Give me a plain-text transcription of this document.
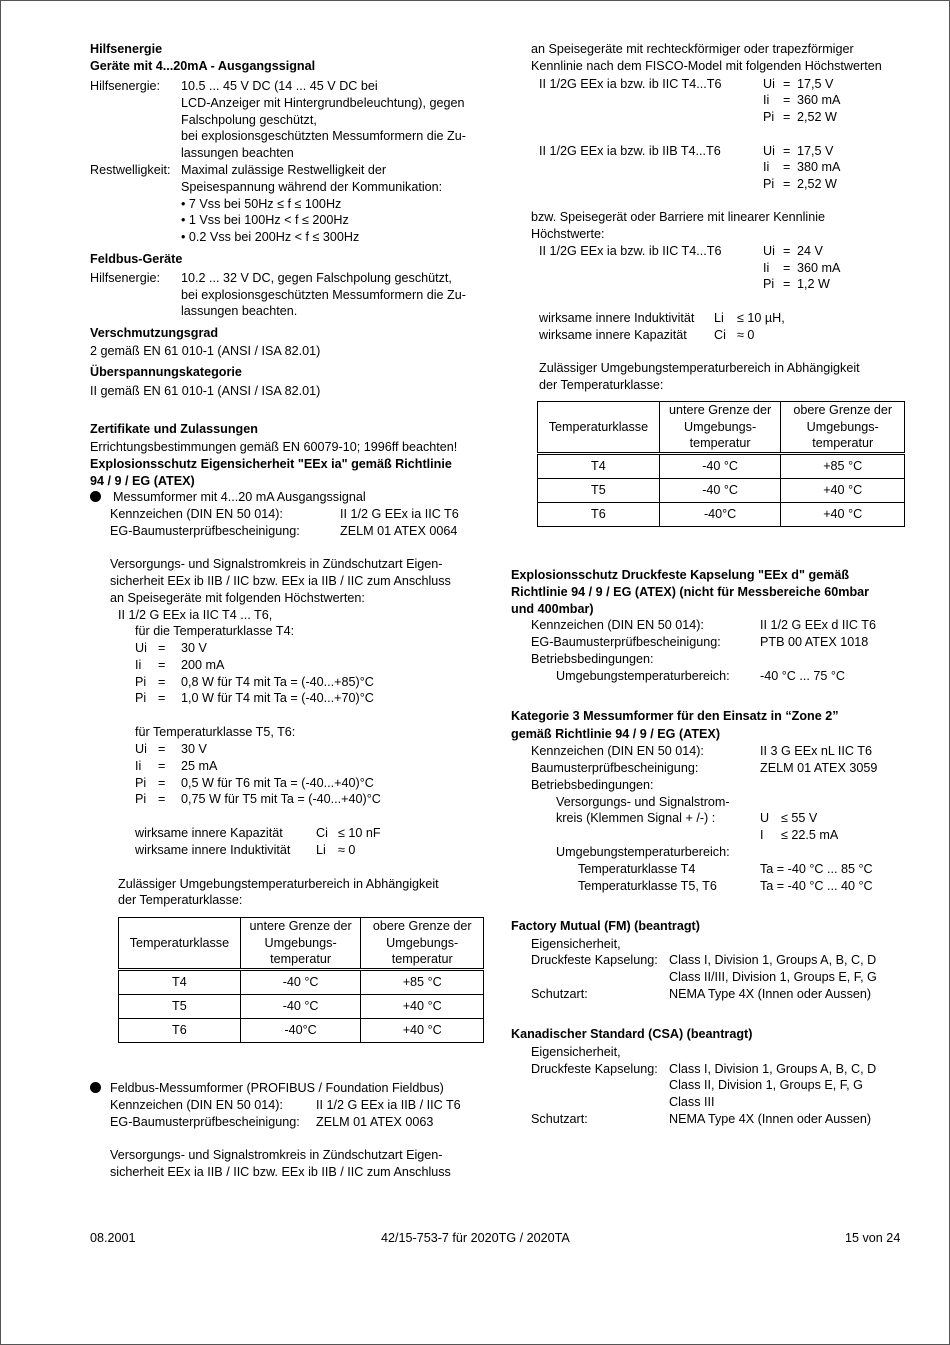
Hilfsenergie
Geräte mit 4...20mA - Ausgangssignal
Hilfsenergie: 10.5 ... 45 V DC (14 ... 45 V DC bei
LCD-Anzeiger mit Hintergrundbeleuchtung), gegen
Falschpolung geschützt,
bei explosionsgeschützten Messumformern die Zu-
lassungen beachten
Restwelligkeit: Maximal zulässige Restwelligkeit der
Speisespannung während der Kommunikation:
• 7 Vss bei 50Hz ≤ f ≤ 100Hz
• 1 Vss bei 100Hz < f ≤ 200Hz
• 0.2 Vss bei 200Hz < f ≤ 300Hz
Feldbus-Geräte
Hilfsenergie: 10.2 ... 32 V DC, gegen Falschpolung geschützt,
bei explosionsgeschützten Messumformern die Zu-
lassungen beachten.
Verschmutzungsgrad
2 gemäß EN 61 010-1 (ANSI / ISA 82.01)
Überspannungskategorie
II gemäß EN 61 010-1 (ANSI / ISA 82.01)
Zertifikate und Zulassungen
Errichtungsbestimmungen gemäß EN 60079-10; 1996ff beachten!
Explosionsschutz Eigensicherheit "EEx ia" gemäß Richtlinie
94 / 9 / EG (ATEX)
Messumformer mit 4...20 mA Ausgangssignal
Kennzeichen (DIN EN 50 014):	II 1/2 G EEx ia IIC T6
EG-Baumusterprüfbescheinigung:	ZELM 01 ATEX 0064
Versorgungs- und Signalstromkreis in Zündschutzart Eigen-
sicherheit EEx ib IIB / IIC bzw. EEx ia IIB / IIC zum Anschluss
an Speisegeräte mit folgenden Höchstwerten:
II 1/2 G EEx ia IIC T4 ... T6,
für die Temperaturklasse T4:
Ui = 30 V
Ii = 200 mA
Pi = 0,8 W für T4 mit Ta = (-40...+85)°C
Pi = 1,0 W für T4 mit Ta = (-40...+70)°C
für Temperaturklasse T5, T6:
Ui = 30 V
Ii = 25 mA
Pi = 0,5 W für T6 mit Ta = (-40...+40)°C
Pi = 0,75 W für T5 mit Ta = (-40...+40)°C
wirksame innere Kapazität	Ci ≤ 10 nF
wirksame innere Induktivität Li ≈ 0
Zulässiger Umgebungstemperaturbereich in Abhängigkeit
der Temperaturklasse:
Temperaturklasse	untere Grenze der
Umgebungs-
temperatur	obere Grenze der
Umgebungs-
temperatur
T4	-40 °C	+85 °C
T5	-40 °C	+40 °C
T6	-40°C	+40 °C
Feldbus-Messumformer (PROFIBUS / Foundation Fieldbus)
Kennzeichen (DIN EN 50 014):	II 1/2 G EEx ia IIB / IIC T6
EG-Baumusterprüfbescheinigung: ZELM 01 ATEX 0063
Versorgungs- und Signalstromkreis in Zündschutzart Eigen-
sicherheit EEx ia IIB / IIC bzw. EEx ib IIB / IIC zum Anschluss
an Speisegeräte mit rechteckförmiger oder trapezförmiger
Kennlinie nach dem FISCO-Model mit folgenden Höchstwerten
II 1/2G EEx ia bzw. ib IIC T4...T6	Ui = 17,5 V
Ii = 360 mA
Pi = 2,52 W
II 1/2G EEx ia bzw. ib IIB T4...T6	Ui = 17,5 V
Ii = 380 mA
Pi = 2,52 W
bzw. Speisegerät oder Barriere mit linearer Kennlinie
Höchstwerte:
II 1/2G EEx ia bzw. ib IIC T4...T6	Ui = 24 V
Ii = 360 mA
Pi = 1,2 W
wirksame innere Induktivität Li ≤ 10 µH,
wirksame innere Kapazität Ci ≈ 0
Zulässiger Umgebungstemperaturbereich in Abhängigkeit
der Temperaturklasse:
Temperaturklasse	untere Grenze der
Umgebungs-
temperatur	obere Grenze der
Umgebungs-
temperatur
T4	-40 °C	+85 °C
T5	-40 °C	+40 °C
T6	-40°C	+40 °C
Explosionsschutz Druckfeste Kapselung "EEx d" gemäß
Richtlinie 94 / 9 / EG (ATEX) (nicht für Messbereiche 60mbar
und 400mbar)
Kennzeichen (DIN EN 50 014):	II 1/2 G EEx d IIC T6
EG-Baumusterprüfbescheinigung:	PTB 00 ATEX 1018
Betriebsbedingungen:
Umgebungstemperaturbereich: -40 °C ... 75 °C
Kategorie 3 Messumformer für den Einsatz in “Zone 2”
gemäß Richtlinie 94 / 9 / EG (ATEX)
Kennzeichen (DIN EN 50 014):	II 3 G EEx nL IIC T6
Baumusterprüfbescheinigung:	ZELM 01 ATEX 3059
Betriebsbedingungen:
Versorgungs- und Signalstrom-
kreis (Klemmen Signal + /-) :	U ≤ 55 V
I ≤ 22.5 mA
Umgebungstemperaturbereich:
Temperaturklasse T4	Ta = -40 °C ... 85 °C
Temperaturklasse T5, T6	Ta = -40 °C ... 40 °C
Factory Mutual (FM) (beantragt)
Eigensicherheit,
Druckfeste Kapselung: Class I, Division 1, Groups A, B, C, D
Class II/III, Division 1, Groups E, F, G
Schutzart:	NEMA Type 4X (Innen oder Aussen)
Kanadischer Standard (CSA) (beantragt)
Eigensicherheit,
Druckfeste Kapselung: Class I, Division 1, Groups A, B, C, D
Class II, Division 1, Groups E, F, G
Class III
Schutzart:	NEMA Type 4X (Innen oder Aussen)
08.2001	42/15-753-7 für 2020TG / 2020TA	15 von 24
